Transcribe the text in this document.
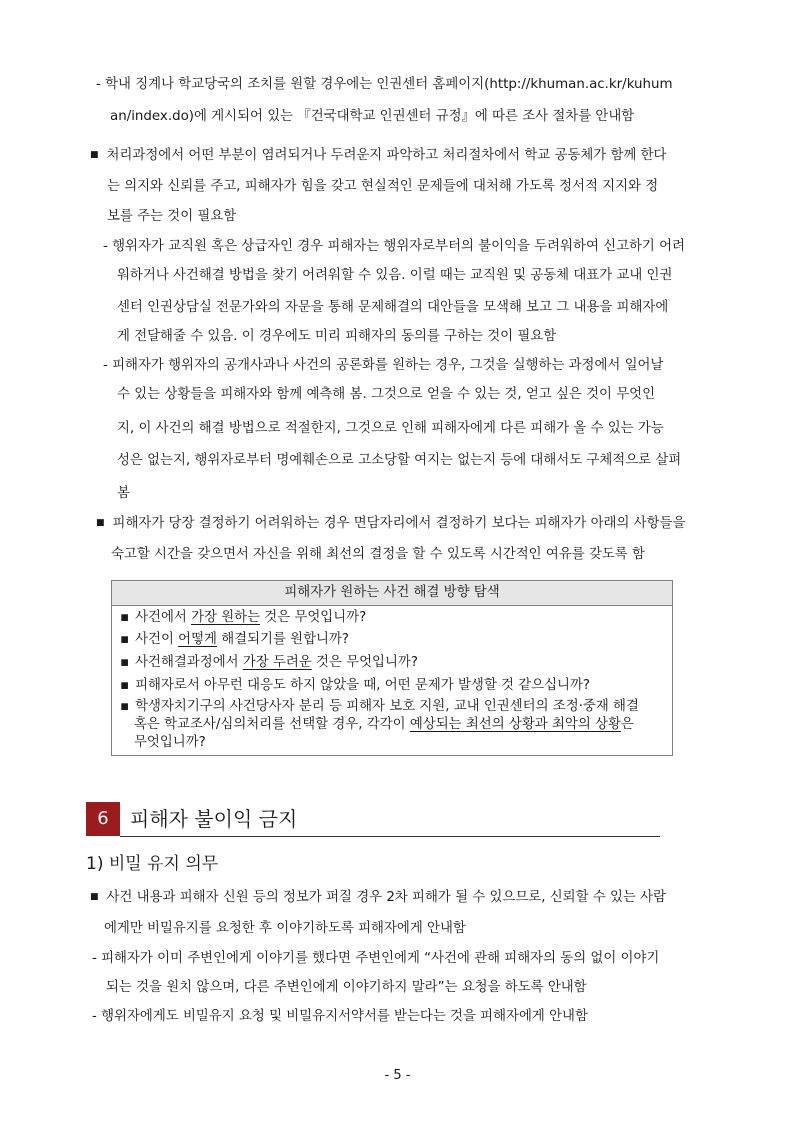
- 학내 징계나 학교당국의 조치를 원할 경우에는 인권센터 홈페이지(http://khuman.ac.kr/kuhum
an/index.do)에 게시되어 있는 『건국대학교 인권센터 규정』에 따른 조사 절차를 안내함
■ 처리과정에서 어떤 부분이 염려되거나 두려운지 파악하고 처리절차에서 학교 공동체가 함께 한다
는 의지와 신뢰를 주고, 피해자가 힘을 갖고 현실적인 문제들에 대처해 가도록 정서적 지지와 정
보를 주는 것이 필요함
- 행위자가 교직원 혹은 상급자인 경우 피해자는 행위자로부터의 불이익을 두려워하여 신고하기 어려
워하거나 사건해결 방법을 찾기 어려워할 수 있음. 이럴 때는 교직원 및 공동체 대표가 교내 인권
센터 인권상담실 전문가와의 자문을 통해 문제해결의 대안들을 모색해 보고 그 내용을 피해자에
게 전달해줄 수 있음. 이 경우에도 미리 피해자의 동의를 구하는 것이 필요함
- 피해자가 행위자의 공개사과나 사건의 공론화를 원하는 경우, 그것을 실행하는 과정에서 일어날
수 있는 상황들을 피해자와 함께 예측해 봄. 그것으로 얻을 수 있는 것, 얻고 싶은 것이 무엇인
지, 이 사건의 해결 방법으로 적절한지, 그것으로 인해 피해자에게 다른 피해가 올 수 있는 가능
성은 없는지, 행위자로부터 명예훼손으로 고소당할 여지는 없는지 등에 대해서도 구체적으로 살펴
봄
■ 피해자가 당장 결정하기 어려워하는 경우 면담자리에서 결정하기 보다는 피해자가 아래의 사항들을
숙고할 시간을 갖으면서 자신을 위해 최선의 결정을 할 수 있도록 시간적인 여유를 갖도록 함
피해자가 원하는 사건 해결 방향 탐색
▪ 사건에서 가장 원하는 것은 무엇입니까?
▪ 사건이 어떻게 해결되기를 원합니까?
▪ 사건해결과정에서 가장 두려운 것은 무엇입니까?
▪ 피해자로서 아무런 대응도 하지 않았을 때, 어떤 문제가 발생할 것 같으십니까?
▪ 학생자치기구의 사건당사자 분리 등 피해자 보호 지원, 교내 인권센터의 조정·중재 해결
혹은 학교조사/심의처리를 선택할 경우, 각각이 예상되는 최선의 상황과 최악의 상황은
무엇입니까?
6	피해자 불이익 금지
1) 비밀 유지 의무
■ 사건 내용과 피해자 신원 등의 정보가 퍼질 경우 2차 피해가 될 수 있으므로, 신뢰할 수 있는 사람
에게만 비밀유지를 요청한 후 이야기하도록 피해자에게 안내함
- 피해자가 이미 주변인에게 이야기를 했다면 주변인에게 “사건에 관해 피해자의 동의 없이 이야기
되는 것을 원치 않으며, 다른 주변인에게 이야기하지 말라”는 요청을 하도록 안내함
- 행위자에게도 비밀유지 요청 및 비밀유지서약서를 받는다는 것을 피해자에게 안내함
- 5 -
